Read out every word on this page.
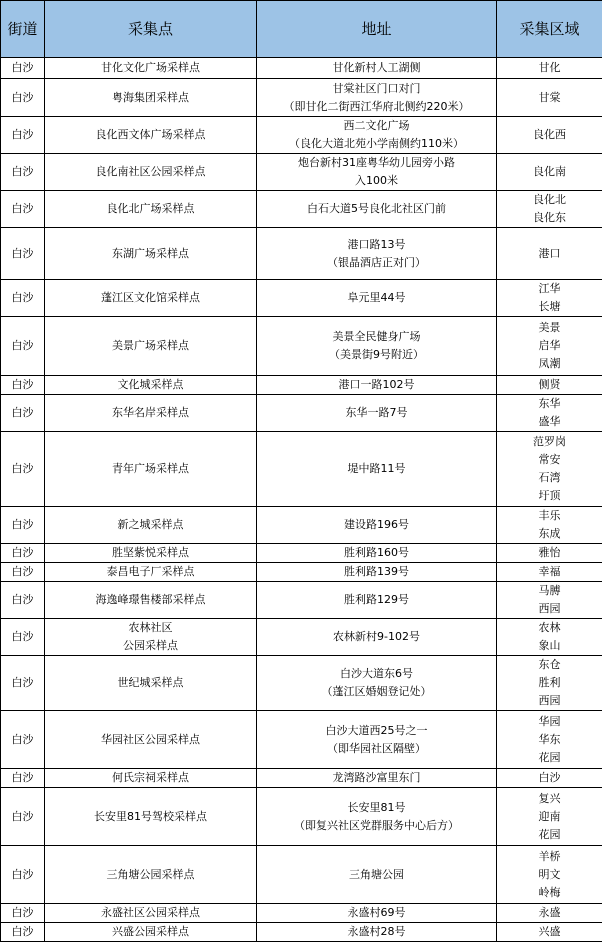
街道	采集点	地址	采集区域
白沙	甘化文化广场采样点	甘化新村人工湖侧	甘化

白沙	粤海集团采样点	甘棠社区门口对门
（即甘化二街西江华府北侧约220米）	甘棠

白沙	良化西文体广场采样点	西二文化广场
（良化大道北苑小学南侧约110米）	良化西

白沙	良化南社区公园采样点	炮台新村31座粤华幼儿园旁小路
入100米	良化南

白沙	良化北广场采样点	白石大道5号良化北社区门前	良化北
良化东

白沙	东湖广场采样点	港口路13号
（银晶酒店正对门）	港口

白沙	蓬江区文化馆采样点	阜元里44号	江华
长塘

白沙	美景广场采样点	美景全民健身广场
（美景街9号附近）	美景
启华
凤潮

白沙	文化城采样点	港口一路102号	侧贤

白沙	东华名岸采样点	东华一路7号	东华
盛华

白沙	青年广场采样点	堤中路11号	范罗岗
常安
石湾
圩顶

白沙	新之城采样点	建设路196号	丰乐
东成

白沙	胜坚紫悦采样点	胜利路160号	雅怡

白沙	泰昌电子厂采样点	胜利路139号	幸福

白沙	海逸峰璟售楼部采样点	胜利路129号	马膊
西园

白沙	农林社区
公园采样点	农林新村9-102号	农林
象山

白沙	世纪城采样点	白沙大道东6号
（蓬江区婚姻登记处）	东仓
胜利
西园

白沙	华园社区公园采样点	白沙大道西25号之一
（即华园社区隔壁）	华园
华东
花园

白沙	何氏宗祠采样点	龙湾路沙富里东门	白沙

白沙	长安里81号驾校采样点	长安里81号
（即复兴社区党群服务中心后方）	复兴
迎南
花园

白沙	三角塘公园采样点	三角塘公园	羊桥
明文
岭梅

白沙	永盛社区公园采样点	永盛村69号	永盛

白沙	兴盛公园采样点	永盛村28号	兴盛
